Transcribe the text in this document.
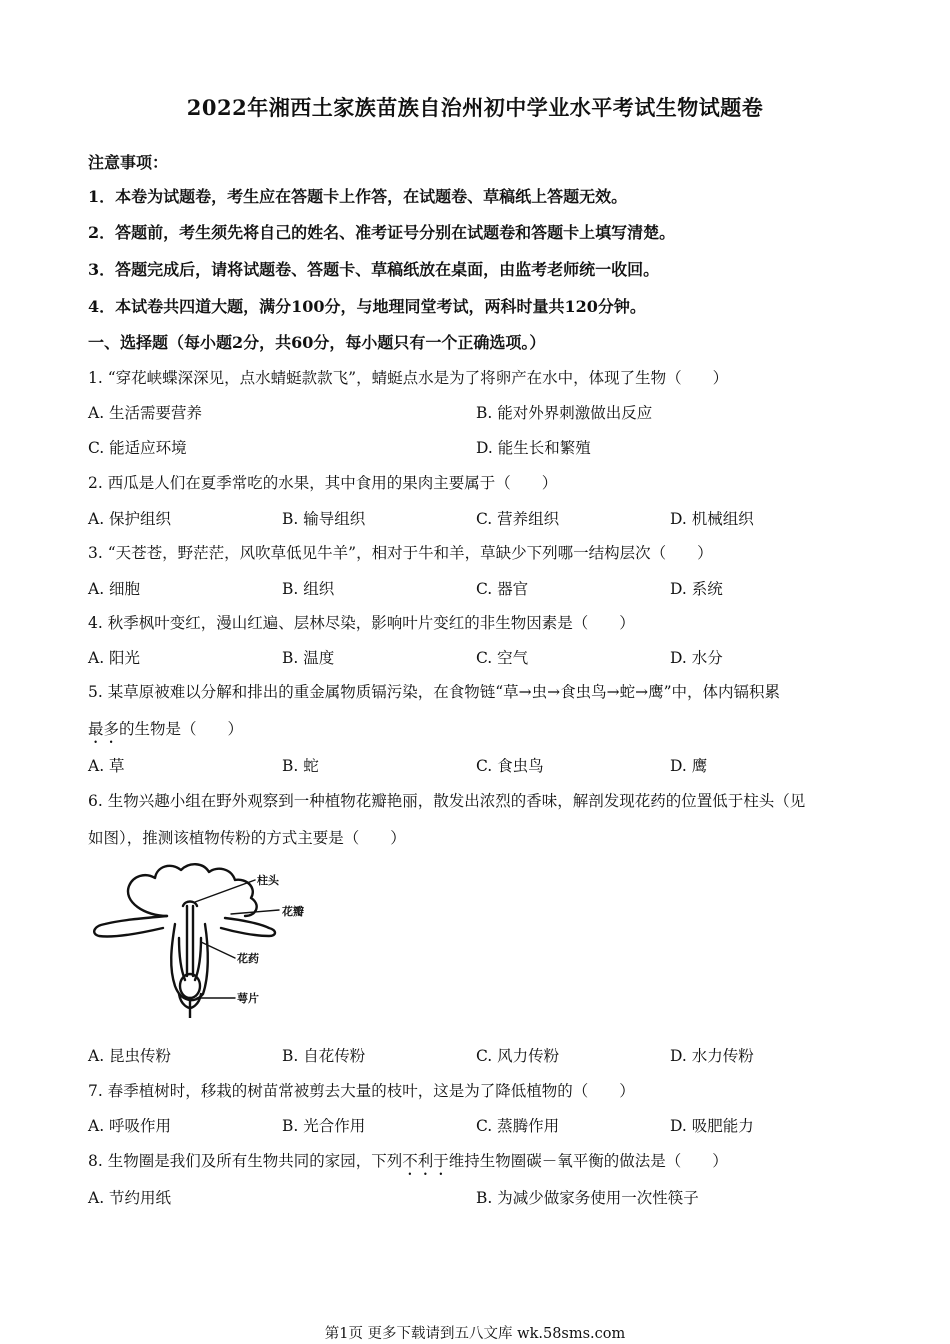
2022年湘西土家族苗族自治州初中学业水平考试生物试题卷
注意事项：
1．本卷为试题卷，考生应在答题卡上作答，在试题卷、草稿纸上答题无效。
2．答题前，考生须先将自己的姓名、准考证号分别在试题卷和答题卡上填写清楚。
3．答题完成后，请将试题卷、答题卡、草稿纸放在桌面，由监考老师统一收回。
4．本试卷共四道大题，满分100分，与地理同堂考试，两科时量共120分钟。
一、选择题（每小题2分，共60分，每小题只有一个正确选项。）
1. “穿花峡蝶深深见，点水蜻蜓款款飞”，蜻蜓点水是为了将卵产在水中，体现了生物（　　）
A. 生活需要营养	B. 能对外界刺激做出反应
C. 能适应环境	D. 能生长和繁殖
2. 西瓜是人们在夏季常吃的水果，其中食用的果肉主要属于（　　）
A. 保护组织	B. 输导组织	C. 营养组织	D. 机械组织
3. “天苍苍，野茫茫，风吹草低见牛羊”，相对于牛和羊，草缺少下列哪一结构层次（　　）
A. 细胞	B. 组织	C. 器官	D. 系统
4. 秋季枫叶变红，漫山红遍、层林尽染，影响叶片变红的非生物因素是（　　）
A. 阳光	B. 温度	C. 空气	D. 水分
5. 某草原被难以分解和排出的重金属物质镉污染，在食物链“草→虫→食虫鸟→蛇→鹰”中，体内镉积累
最多的生物是（　　）
A. 草	B. 蛇	C. 食虫鸟	D. 鹰
6. 生物兴趣小组在野外观察到一种植物花瓣艳丽，散发出浓烈的香味，解剖发现花药的位置低于柱头（见
如图），推测该植物传粉的方式主要是（　　）
柱头
花瓣
花药
萼片
A. 昆虫传粉	B. 自花传粉	C. 风力传粉	D. 水力传粉
7. 春季植树时，移栽的树苗常被剪去大量的枝叶，这是为了降低植物的（　　）
A. 呼吸作用	B. 光合作用	C. 蒸腾作用	D. 吸肥能力
8. 生物圈是我们及所有生物共同的家园，下列不利于维持生物圈碳－氧平衡的做法是（　　）
A. 节约用纸	B. 为减少做家务使用一次性筷子
第1页 更多下载请到五八文库 wk.58sms.com
